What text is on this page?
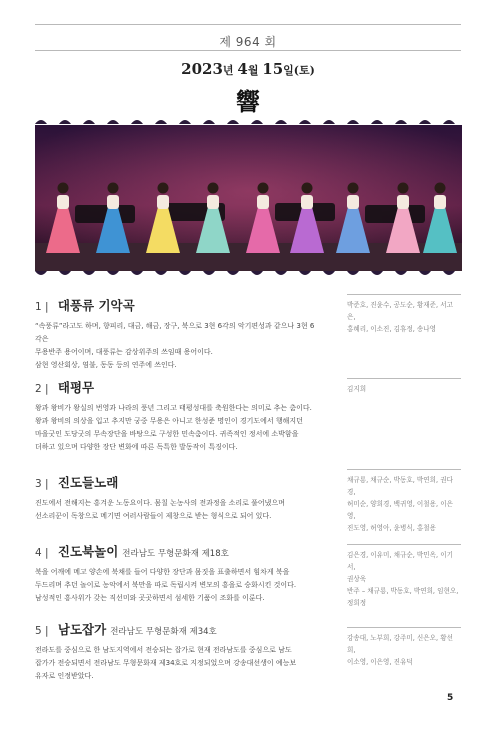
제 964 회
2023년 4월 15일(토)
響
1 | 대풍류 기악곡

“속풍류”라고도 하며, 향피리, 대금, 해금, 장구, 북으로 3현 6각의 악기편성과 같으나 3현 6각은
무용반주 용어이며, 대풍류는 감상위주의 쓰임때 용어이다.
삼현 영산회상, 염불, 동동 등의 연주에 쓰인다.

박준호, 진윤수, 공도순, 황재준, 서고은,
홍혜리, 이소진, 김휴정, 송나영
2 | 태평무

왕과 왕비가 왕실의 번영과 나라의 풍년 그리고 태평성대를 축원한다는 의미로 추는 춤이다.
왕과 왕비의 의상을 입고 추지만 궁중 무용은 아니고 한성준 명인이 경기도에서 행해지던
마을굿인 도당굿의 무속장단을 바탕으로 구성한 민속춤이다. 귀족적인 정서에 소박함을
더하고 있으며 다양한 장단 변화에 따른 독특한 발동작이 특징이다.

김지희
3 | 진도들노래

진도에서 전해지는 흥겨운 노동요이다. 몸칠 논농사의 전과정을 소리로 풀어냈으며
선소리꾼이 독창으로 메기면 여러사람들이 제창으로 받는 형식으로 되어 있다.

채규룡, 채규순, 박동호, 박연희, 권다경,
허미순, 양희경, 백귀영, 이철용, 이은영,
진도영, 허영아, 윤병식, 홍철용
4 | 진도북놀이 전라남도 무형문화재 제18호

북을 어깨에 메고 양손에 북채를 들어 다양한 장단과 몸짓을 표출하면서 힘차게 북을
두드리며 추던 놀이로 농악에서 북만을 따로 독립시켜 변모의 흥을로 승화시킨 것이다.
남성적인 흥사위가 갖는 직선미와 곳곳하면서 섬세한 기품이 조화를 이룬다.

김은경, 이유미, 채규순, 박민옥, 이기서,
권상욱
반주 – 채규룡, 박동호, 박연희, 임현오,
정희정
5 | 남도잡가 전라남도 무형문화재 제34호

전라도를 중심으로 한 남도지역에서 전승되는 잡가로 현재 전라남도를 중심으로 남도
잡가가 전승되면서 전라남도 무형문화재 제34호로 지정되었으며 강송대선생이 예능보
유자로 인정받았다.

강송대, 노부희, 강주미, 신은오, 황선희,
이소영, 이은영, 진유덕
5
